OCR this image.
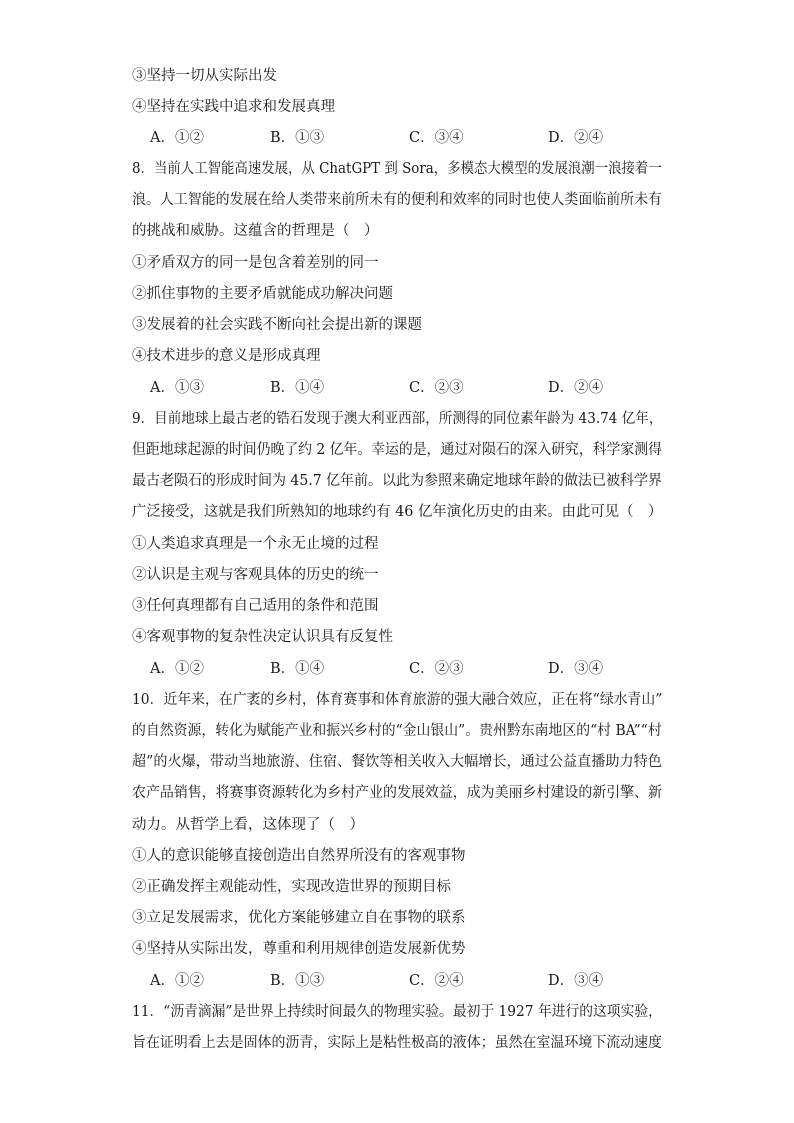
③坚持一切从实际出发
④坚持在实践中追求和发展真理
A．①②	B．①③	C．③④	D．②④
8．当前人工智能高速发展，从 ChatGPT 到 Sora，多模态大模型的发展浪潮一浪接着一
浪。人工智能的发展在给人类带来前所未有的便利和效率的同时也使人类面临前所未有
的挑战和威胁。这蕴含的哲理是（　）
①矛盾双方的同一是包含着差别的同一
②抓住事物的主要矛盾就能成功解决问题
③发展着的社会实践不断向社会提出新的课题
④技术进步的意义是形成真理
A．①③	B．①④	C．②③	D．②④
9．目前地球上最古老的锆石发现于澳大利亚西部，所测得的同位素年龄为 43.74 亿年，
但距地球起源的时间仍晚了约 2 亿年。幸运的是，通过对陨石的深入研究，科学家测得
最古老陨石的形成时间为 45.7 亿年前。以此为参照来确定地球年龄的做法已被科学界
广泛接受，这就是我们所熟知的地球约有 46 亿年演化历史的由来。由此可见（　）
①人类追求真理是一个永无止境的过程
②认识是主观与客观具体的历史的统一
③任何真理都有自己适用的条件和范围
④客观事物的复杂性决定认识具有反复性
A．①②	B．①④	C．②③	D．③④
10．近年来，在广袤的乡村，体育赛事和体育旅游的强大融合效应，正在将“绿水青山”
的自然资源，转化为赋能产业和振兴乡村的“金山银山”。贵州黔东南地区的“村 BA”“村
超”的火爆，带动当地旅游、住宿、餐饮等相关收入大幅增长，通过公益直播助力特色
农产品销售，将赛事资源转化为乡村产业的发展效益，成为美丽乡村建设的新引擎、新
动力。从哲学上看，这体现了（　）
①人的意识能够直接创造出自然界所没有的客观事物
②正确发挥主观能动性，实现改造世界的预期目标
③立足发展需求，优化方案能够建立自在事物的联系
④坚持从实际出发，尊重和利用规律创造发展新优势
A．①②	B．①③	C．②④	D．③④
11．“沥青滴漏”是世界上持续时间最久的物理实验。最初于 1927 年进行的这项实验，
旨在证明看上去是固体的沥青，实际上是粘性极高的液体；虽然在室温环境下流动速度
